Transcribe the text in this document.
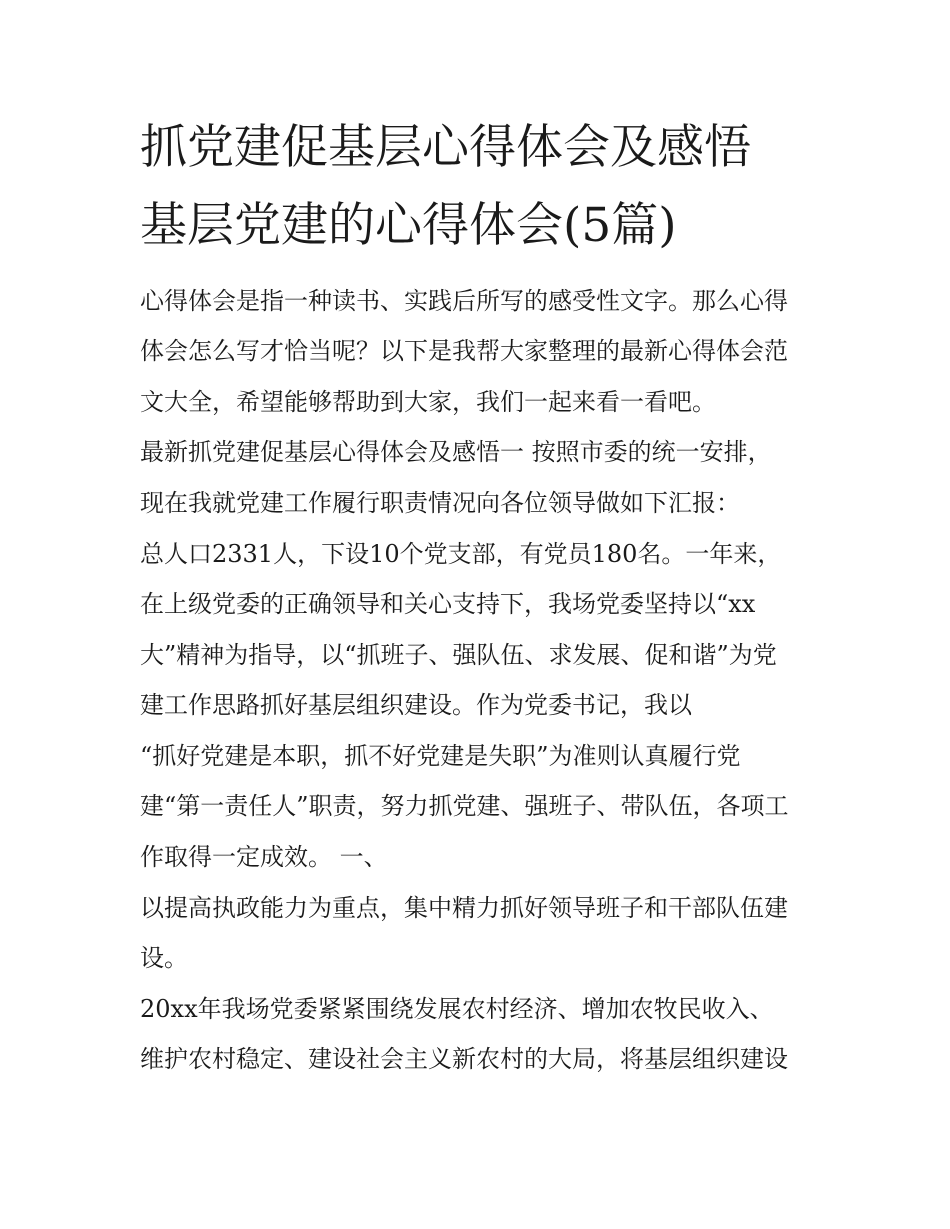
抓党建促基层心得体会及感悟
基层党建的心得体会(5篇)
心得体会是指一种读书、实践后所写的感受性文字。那么心得
体会怎么写才恰当呢？以下是我帮大家整理的最新心得体会范
文大全，希望能够帮助到大家，我们一起来看一看吧。
最新抓党建促基层心得体会及感悟一 按照市委的统一安排，
现在我就党建工作履行职责情况向各位领导做如下汇报：
总人口2331人，下设10个党支部，有党员180名。一年来，
在上级党委的正确领导和关心支持下，我场党委坚持以“xx
大”精神为指导，以“抓班子、强队伍、求发展、促和谐”为党
建工作思路抓好基层组织建设。作为党委书记，我以
“抓好党建是本职，抓不好党建是失职”为准则认真履行党
建“第一责任人”职责，努力抓党建、强班子、带队伍，各项工
作取得一定成效。 一、
以提高执政能力为重点，集中精力抓好领导班子和干部队伍建
设。
20xx年我场党委紧紧围绕发展农村经济、增加农牧民收入、
维护农村稳定、建设社会主义新农村的大局，将基层组织建设
